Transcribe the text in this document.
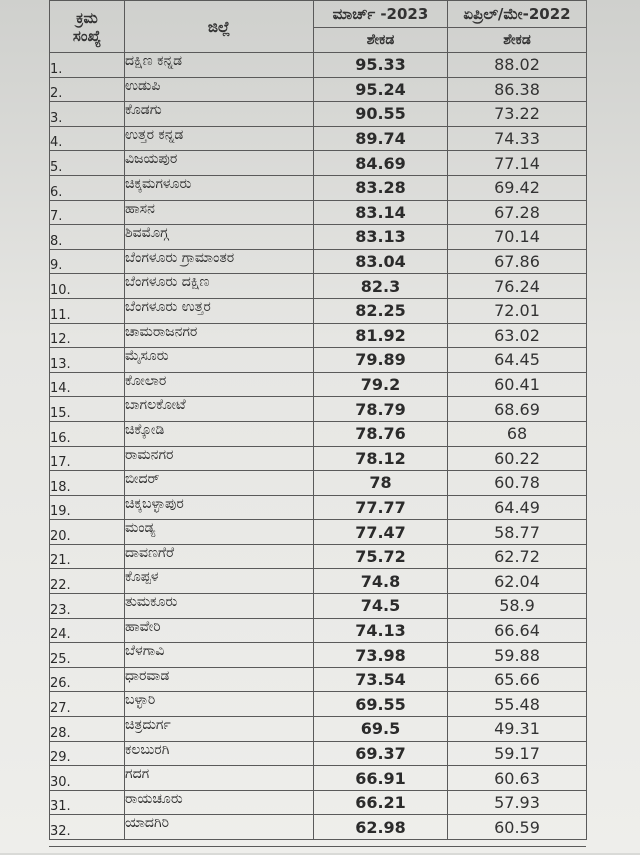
ಕ್ರಮ
ಸಂಖ್ಯೆ	ಜಿಲ್ಲೆ	ಮಾರ್ಚ್ -2023	ಏಪ್ರಿಲ್/ಮೇ-2022
		ಶೇಕಡ	ಶೇಕಡ
1.	ದಕ್ಷಿಣ ಕನ್ನಡ	95.33	88.02
2.	ಉಡುಪಿ	95.24	86.38
3.	ಕೊಡಗು	90.55	73.22
4.	ಉತ್ತರ ಕನ್ನಡ	89.74	74.33
5.	ವಿಜಯಪುರ	84.69	77.14
6.	ಚಿಕ್ಕಮಗಳೂರು	83.28	69.42
7.	ಹಾಸನ	83.14	67.28
8.	ಶಿವಮೊಗ್ಗ	83.13	70.14
9.	ಬೆಂಗಳೂರು ಗ್ರಾಮಾಂತರ	83.04	67.86
10.	ಬೆಂಗಳೂರು ದಕ್ಷಿಣ	82.3	76.24
11.	ಬೆಂಗಳೂರು ಉತ್ತರ	82.25	72.01
12.	ಚಾಮರಾಜನಗರ	81.92	63.02
13.	ಮೈಸೂರು	79.89	64.45
14.	ಕೋಲಾರ	79.2	60.41
15.	ಬಾಗಲಕೋಟೆ	78.79	68.69
16.	ಚಿಕ್ಕೋಡಿ	78.76	68
17.	ರಾಮನಗರ	78.12	60.22
18.	ಬೀದರ್	78	60.78
19.	ಚಿಕ್ಕಬಳ್ಳಾಪುರ	77.77	64.49
20.	ಮಂಡ್ಯ	77.47	58.77
21.	ದಾವಣಗೆರೆ	75.72	62.72
22.	ಕೊಪ್ಪಳ	74.8	62.04
23.	ತುಮಕೂರು	74.5	58.9
24.	ಹಾವೇರಿ	74.13	66.64
25.	ಬೆಳಗಾವಿ	73.98	59.88
26.	ಧಾರವಾಡ	73.54	65.66
27.	ಬಳ್ಳಾರಿ	69.55	55.48
28.	ಚಿತ್ರದುರ್ಗ	69.5	49.31
29.	ಕಲಬುರಗಿ	69.37	59.17
30.	ಗದಗ	66.91	60.63
31.	ರಾಯಚೂರು	66.21	57.93
32.	ಯಾದಗಿರಿ	62.98	60.59
